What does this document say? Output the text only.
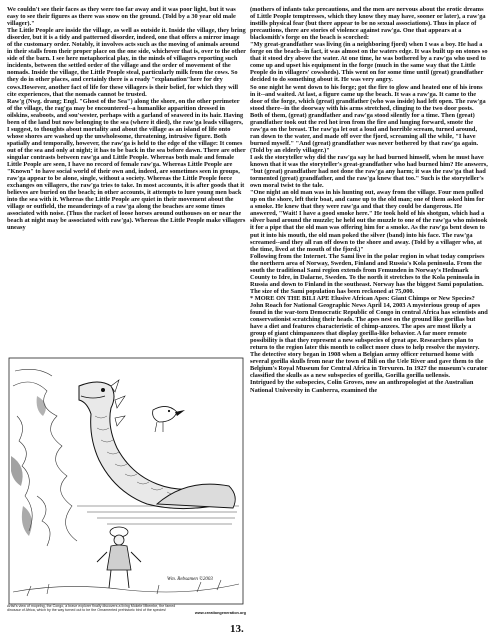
We couldn't see their faces as they were too far away and it was poor light, but it was easy to see their figures as there was snow on the ground. (Told by a 30 year old male villager)."

The Little People are inside the village, as well as outside it. Inside the village, they bring disorder, but it is a tidy and patterned disorder, indeed, one that offers a mirror image of the customary order. Notably, it involves acts such as the moving of animals around in their stalls from their proper place on the one side, whichever that is, over to the other side of the barn. I see here metaphorical play, in the minds of villagers reporting such incidents, between the settled order of the village and the order of movement of the nomads. Inside the village, the Little People steal, particularly milk from the cows. So they do in other places, and certainly there is a ready "explanation"here for dry cows.However, another fact of life for these villagers is their belief, for which they will cite experiences, that the nomads cannot be trusted.

Raw'g (Nwg. drang; Engl. "Ghost of the Sea") along the shore, on the other perimeter of the village, the rag'ga may be encountered--a humanlike apparition dressed in oilskins, seaboots, and sou'wester, perhaps with a garland of seaweed in its hair. Having been of the land but now belonging to the sea (where it died), the raw'ga leads villagers, I suggest, to thoughts about mortality and about the village as an island of life onto whose shores are washed up the unwholesome, threatening, intrusive figure. Both spatially and temporally, however, the raw'ga is held to the edge of the village: It comes out of the sea and only at night; it has to be back in the sea before dawn. There are other singular contrasts between raw'ga and Little People. Whereas both male and female Little People are seen, I have no record of female raw'ga. Whereas Little People are "Known" to have social world of their own and, indeed, are sometimes seen in groups, raw'ga appear to be alone, single, without a society. Whereas the Little People force exchanges on villagers, the raw'ga tries to take. In most accounts, it is after goods that it believes are buried on the beach; in other accounts, it attempts to lure young men back into the sea with it. Whereas the Little People are quiet in their movement about the village or outfield, the meanderings of a raw'ga along the beaches are some times associated with noise. (Thus the racket of loose horses around outhouses on or near the beach at night may be associated with raw'ga). Whereas the Little People make villagers uneasy

Wm. Rebsamen ©2003
Artist's view of mopelng, the Congo, a brave explorer finally discovers a living Mokele Mbembe, the famed dinosaur of Africa, which by the way turned out to be the Ornamented prehistoric bird of the species!
www.creationgeneration.org

(mothers of infants take precautions, and the men are nervous about the erotic dreams of Little People temptresses, which they know they may have, sooner or later), a raw'ga instills physical fear (but there appear to be no sexual associations). Thus in place of precautions, there are stories of violence against raw'ga. One that appears at a blacksmith's forge on the beach is scorched:

"My great-grandfather was living (in a neighboring fjord) when I was a boy. He had a forge on the beach--in fact, it was almost on the waters edge. It was built up on stones so that it stood dry above the water. At one time, he was bothered by a raw'ga who used to come up and upset his equipment in the forge (much in the same way that the Little People do in villagers' cowsheds). This went on for some time until (great) grandfather decided to do something about it. He was very angry.

So one night he went down to his forge; got the fire to glow and heated one of his irons in it--and waited. At last, a figure came up the beach. It was a raw'ga. It came to the door of the forge, which (great) grandfather (who was inside) had left open. The raw'ga stood there--in the doorway with his arms stretched, clinging to the two door posts. Both of them, (great) grandfather and raw'ga stood silently for a time. Then (great) grandfather took out the red hot iron from the fire and lunging forward, smote the raw'ga on the breast. The raw'ga let out a loud and horrible scream, turned around, ran down to the water, and made off over the fjord, screaming all the while, "I have burned myself." "And (great) grandfather was never bothered by that raw'ga again. (Told by an elderly villager.)"

I ask the storyteller why did the raw'ga say he had burned himself, when he must have known that it was the storyteller's great-grandfather who had burned him? He answers, "but (great) grandfather had not done the raw'ga any harm; it was the raw'ga that had tormented (great) grandfather, and the raw'ga knew that too." Such is the storyteller's own moral twist to the tale.

"One night an old man was in his hunting out, away from the village. Four men pulled up on the shore, left their boat, and came up to the old man; one of them asked him for a smoke. He knew that they were raw'ga and that they could be dangerous. He answered, "Wait! I have a good smoke here." He took hold of his shotgun, which had a silver band around the muzzle; he held out the muzzle to one of the raw'ga who mistook it for a pipe that the old man was offering him for a smoke. As the raw'ga bent down to put it into his mouth, the old man poked the silver (band) into his face. The raw'ga screamed--and they all ran off down to the shore and away. (Told by a villager who, at the time, lived at the mouth of the fjord.)"

Following from the Internet. The Sami live in the polar region in what today comprises the northern area of Norway, Sweden, Finland and Russia's Kola peninsula. From the south the traditional Sami region extends from Femunden in Norway's Hedmark County to Idre, in Dalarne, Sweden. To the north it stretches to the Kola peninsula in Russia and down to Finland in the southeast. Norway has the biggest Sami population. The size of the Sami population has been reckoned at 75,000.

* MORE ON THE BILI APE Elusive African Apes: Giant Chimps or New Species? John Roach for National Geographic News April 14, 2003 A mysterious group of apes found in the war-torn Democratic Republic of Congo in central Africa has scientists and conservationist scratching their heads. The apes nest on the ground like gorillas but have a diet and features characteristic of chimp-anzees. The apes are most likely a group of giant chimpanzees that display gorilla-like behavior. A far more remote possibility is that they represent a new subspecies of great ape. Researchers plan to return to the region later this month to collect more clues to help resolve the mystery. The detective story began in 1908 when a Belgian army officer returned home with several gorilla skulls from near the town of Bili on the Uele River and gave them to the Belgium's Royal Museum for Central Africa in Tervuren. In 1927 the museum's curator classified the skulls as a new subspecies of gorilla, Gorilla gorilla uellensis.

Intrigued by the subspecies, Colin Groves, now an anthropologist at the Australian National University in Canberra, examined the

13.
